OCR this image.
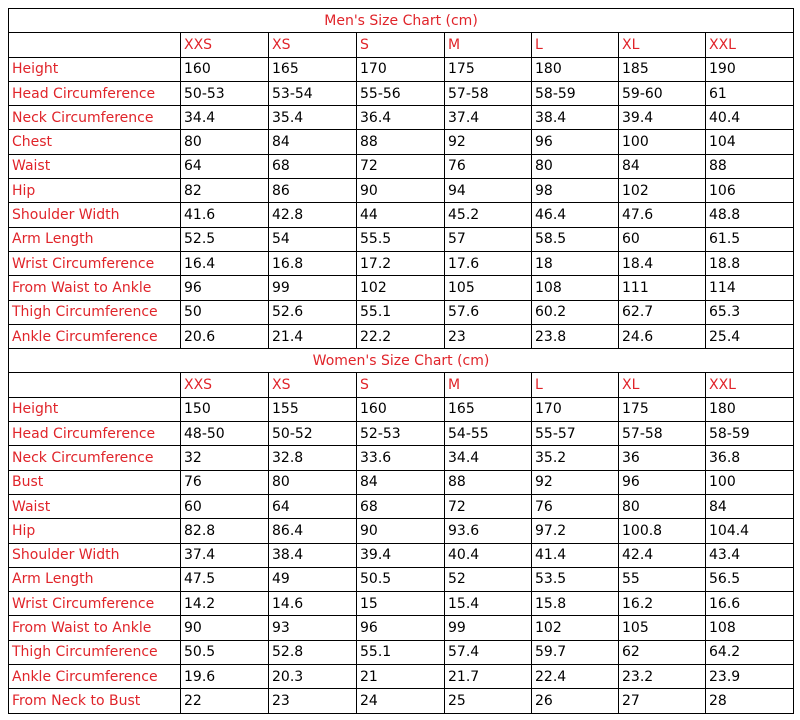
Men's Size Chart (cm)							
	XXS	XS	S	M	L	XL	XXL
Height	160	165	170	175	180	185	190
Head Circumference	50-53	53-54	55-56	57-58	58-59	59-60	61
Neck Circumference	34.4	35.4	36.4	37.4	38.4	39.4	40.4
Chest	80	84	88	92	96	100	104
Waist	64	68	72	76	80	84	88
Hip	82	86	90	94	98	102	106
Shoulder Width	41.6	42.8	44	45.2	46.4	47.6	48.8
Arm Length	52.5	54	55.5	57	58.5	60	61.5
Wrist Circumference	16.4	16.8	17.2	17.6	18	18.4	18.8
From Waist to Ankle	96	99	102	105	108	111	114
Thigh Circumference	50	52.6	55.1	57.6	60.2	62.7	65.3
Ankle Circumference	20.6	21.4	22.2	23	23.8	24.6	25.4
Women's Size Chart (cm)							
	XXS	XS	S	M	L	XL	XXL
Height	150	155	160	165	170	175	180
Head Circumference	48-50	50-52	52-53	54-55	55-57	57-58	58-59
Neck Circumference	32	32.8	33.6	34.4	35.2	36	36.8
Bust	76	80	84	88	92	96	100
Waist	60	64	68	72	76	80	84
Hip	82.8	86.4	90	93.6	97.2	100.8	104.4
Shoulder Width	37.4	38.4	39.4	40.4	41.4	42.4	43.4
Arm Length	47.5	49	50.5	52	53.5	55	56.5
Wrist Circumference	14.2	14.6	15	15.4	15.8	16.2	16.6
From Waist to Ankle	90	93	96	99	102	105	108
Thigh Circumference	50.5	52.8	55.1	57.4	59.7	62	64.2
Ankle Circumference	19.6	20.3	21	21.7	22.4	23.2	23.9
From Neck to Bust	22	23	24	25	26	27	28
